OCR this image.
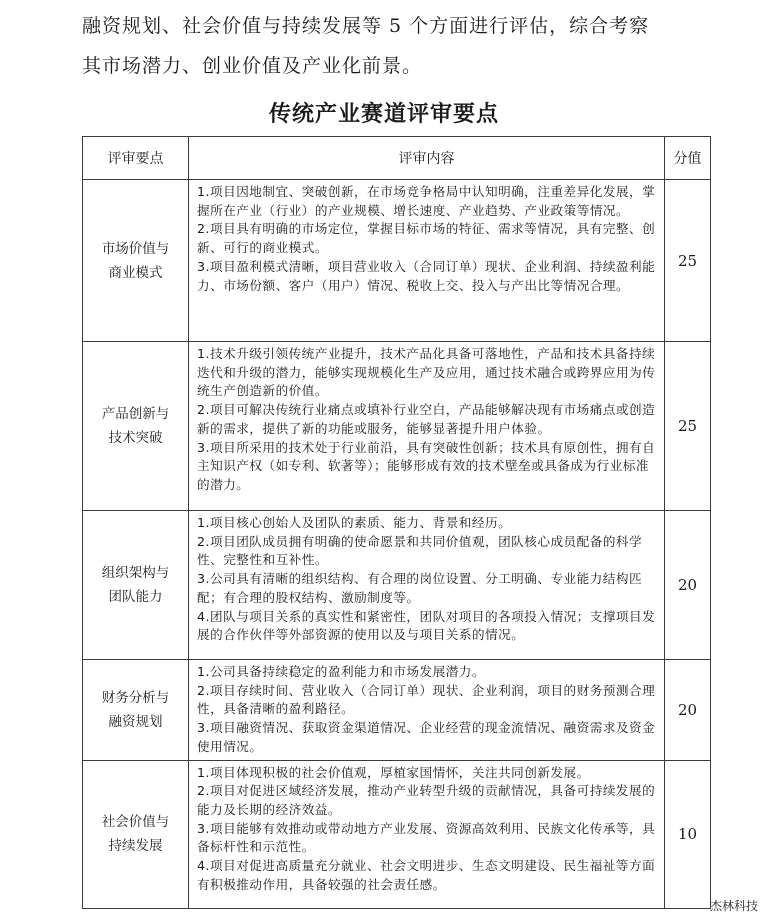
融资规划、社会价值与持续发展等 5 个方面进行评估，综合考察

其市场潜力、创业价值及产业化前景。

传统产业赛道评审要点
评审要点	评审内容	分值
市场价值与
商业模式	1.项目因地制宜、突破创新，在市场竞争格局中认知明确，注重差异化发展，掌握所在产业（行业）的产业规模、增长速度、产业趋势、产业政策等情况。
2.项目具有明确的市场定位，掌握目标市场的特征、需求等情况，具有完整、创新、可行的商业模式。
3.项目盈利模式清晰，项目营业收入（合同订单）现状、企业利润、持续盈利能力、市场份额、客户（用户）情况、税收上交、投入与产出比等情况合理。	25
产品创新与
技术突破	1.技术升级引领传统产业提升，技术产品化具备可落地性，产品和技术具备持续迭代和升级的潜力，能够实现规模化生产及应用，通过技术融合或跨界应用为传统生产创造新的价值。
2.项目可解决传统行业痛点或填补行业空白，产品能够解决现有市场痛点或创造新的需求，提供了新的功能或服务，能够显著提升用户体验。
3.项目所采用的技术处于行业前沿，具有突破性创新；技术具有原创性，拥有自主知识产权（如专利、软著等）；能够形成有效的技术壁垒或具备成为行业标准的潜力。	25
组织架构与
团队能力	1.项目核心创始人及团队的素质、能力、背景和经历。
2.项目团队成员拥有明确的使命愿景和共同价值观，团队核心成员配备的科学性、完整性和互补性。
3.公司具有清晰的组织结构、有合理的岗位设置、分工明确、专业能力结构匹配；有合理的股权结构、激励制度等。
4.团队与项目关系的真实性和紧密性，团队对项目的各项投入情况；支撑项目发展的合作伙伴等外部资源的使用以及与项目关系的情况。	20
财务分析与
融资规划	1.公司具备持续稳定的盈利能力和市场发展潜力。
2.项目存续时间、营业收入（合同订单）现状、企业利润，项目的财务预测合理性，具备清晰的盈利路径。
3.项目融资情况、获取资金渠道情况、企业经营的现金流情况、融资需求及资金使用情况。	20
社会价值与
持续发展	1.项目体现积极的社会价值观，厚植家国情怀，关注共同创新发展。
2.项目对促进区域经济发展，推动产业转型升级的贡献情况，具备可持续发展的能力及长期的经济效益。
3.项目能够有效推动或带动地方产业发展、资源高效利用、民族文化传承等，具备标杆性和示范性。
4.项目对促进高质量充分就业、社会文明进步、生态文明建设、民生福祉等方面有积极推动作用，具备较强的社会责任感。	10
杰林科技
